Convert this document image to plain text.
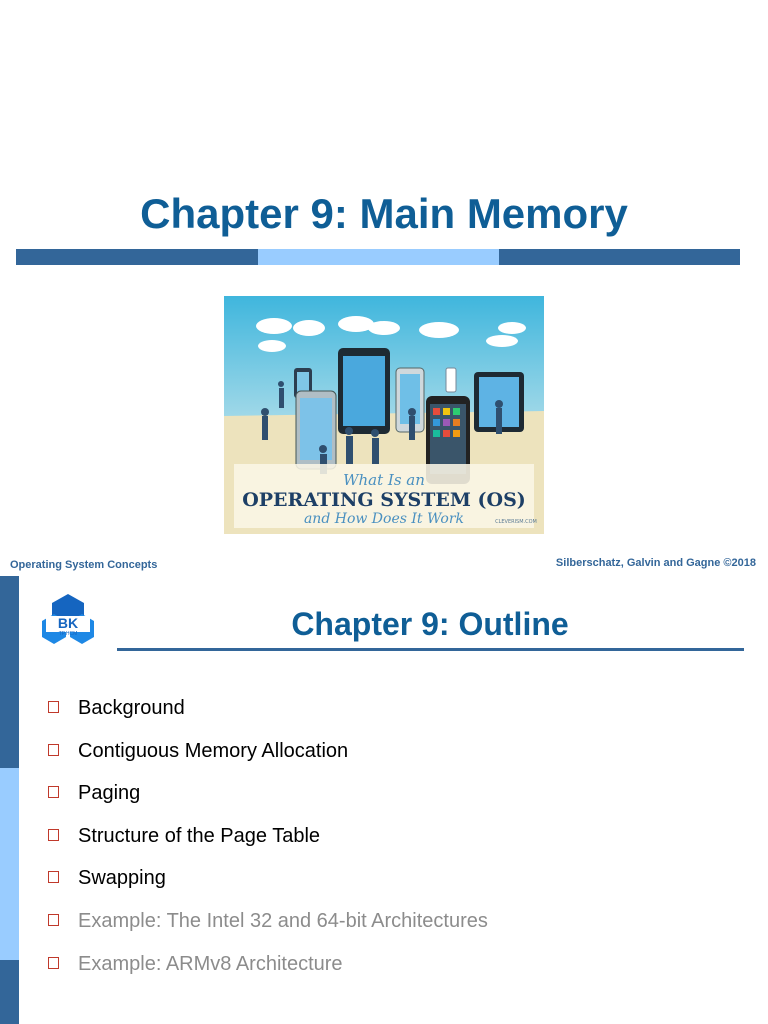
Chapter 9: Main Memory
What Is an
OPERATING SYSTEM (OS)
and How Does It Work	CLEVERISM.COM
Operating System Concepts	Silberschatz, Galvin and Gagne ©2018
BK
TP.HCM	Chapter 9: Outline
Background
Contiguous Memory Allocation
Paging
Structure of the Page Table
Swapping
Example: The Intel 32 and 64-bit Architectures
Example: ARMv8 Architecture
